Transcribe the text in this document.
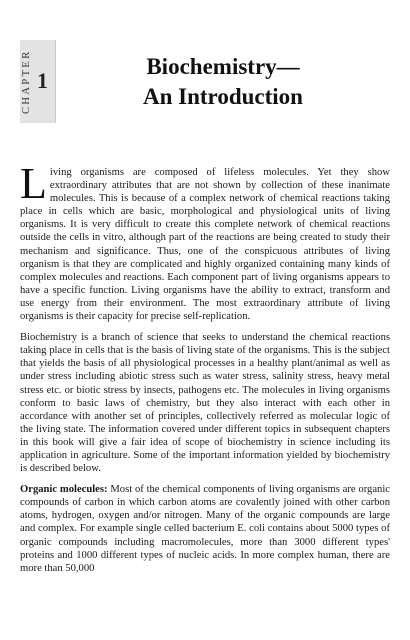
CHAPTER 1
Biochemistry—
An Introduction

Living organisms are composed of lifeless molecules. Yet they show extraordinary attributes that are not shown by collection of these inanimate molecules. This is because of a complex network of chemical reactions taking place in cells which are basic, morphological and physiological units of living organisms. It is very difficult to create this complete network of chemical reactions outside the cells in vitro, although part of the reactions are being created to study their mechanism and significance. Thus, one of the conspicuous attributes of living organism is that they are complicated and highly organized containing many kinds of complex molecules and reactions. Each component part of living organisms appears to have a specific function. Living organisms have the ability to extract, transform and use energy from their environment. The most extraordinary attribute of living organisms is their capacity for precise self-replication.

Biochemistry is a branch of science that seeks to understand the chemical reactions taking place in cells that is the basis of living state of the organisms. This is the subject that yields the basis of all physiological processes in a healthy plant/animal as well as under stress including abiotic stress such as water stress, salinity stress, heavy metal stress etc. or biotic stress by insects, pathogens etc. The molecules in living organisms conform to basic laws of chemistry, but they also interact with each other in accordance with another set of principles, collectively referred as molecular logic of the living state. The information covered under different topics in subsequent chapters in this book will give a fair idea of scope of biochemistry in science including its application in agriculture. Some of the important information yielded by biochemistry is described below.

Organic molecules: Most of the chemical components of living organisms are organic compounds of carbon in which carbon atoms are covalently joined with other carbon atoms, hydrogen, oxygen and/or nitrogen. Many of the organic compounds are large and complex. For example single celled bacterium E. coli contains about 5000 types of organic compounds including macromolecules, more than 3000 different types' proteins and 1000 different types of nucleic acids. In more complex human, there are more than 50,000
